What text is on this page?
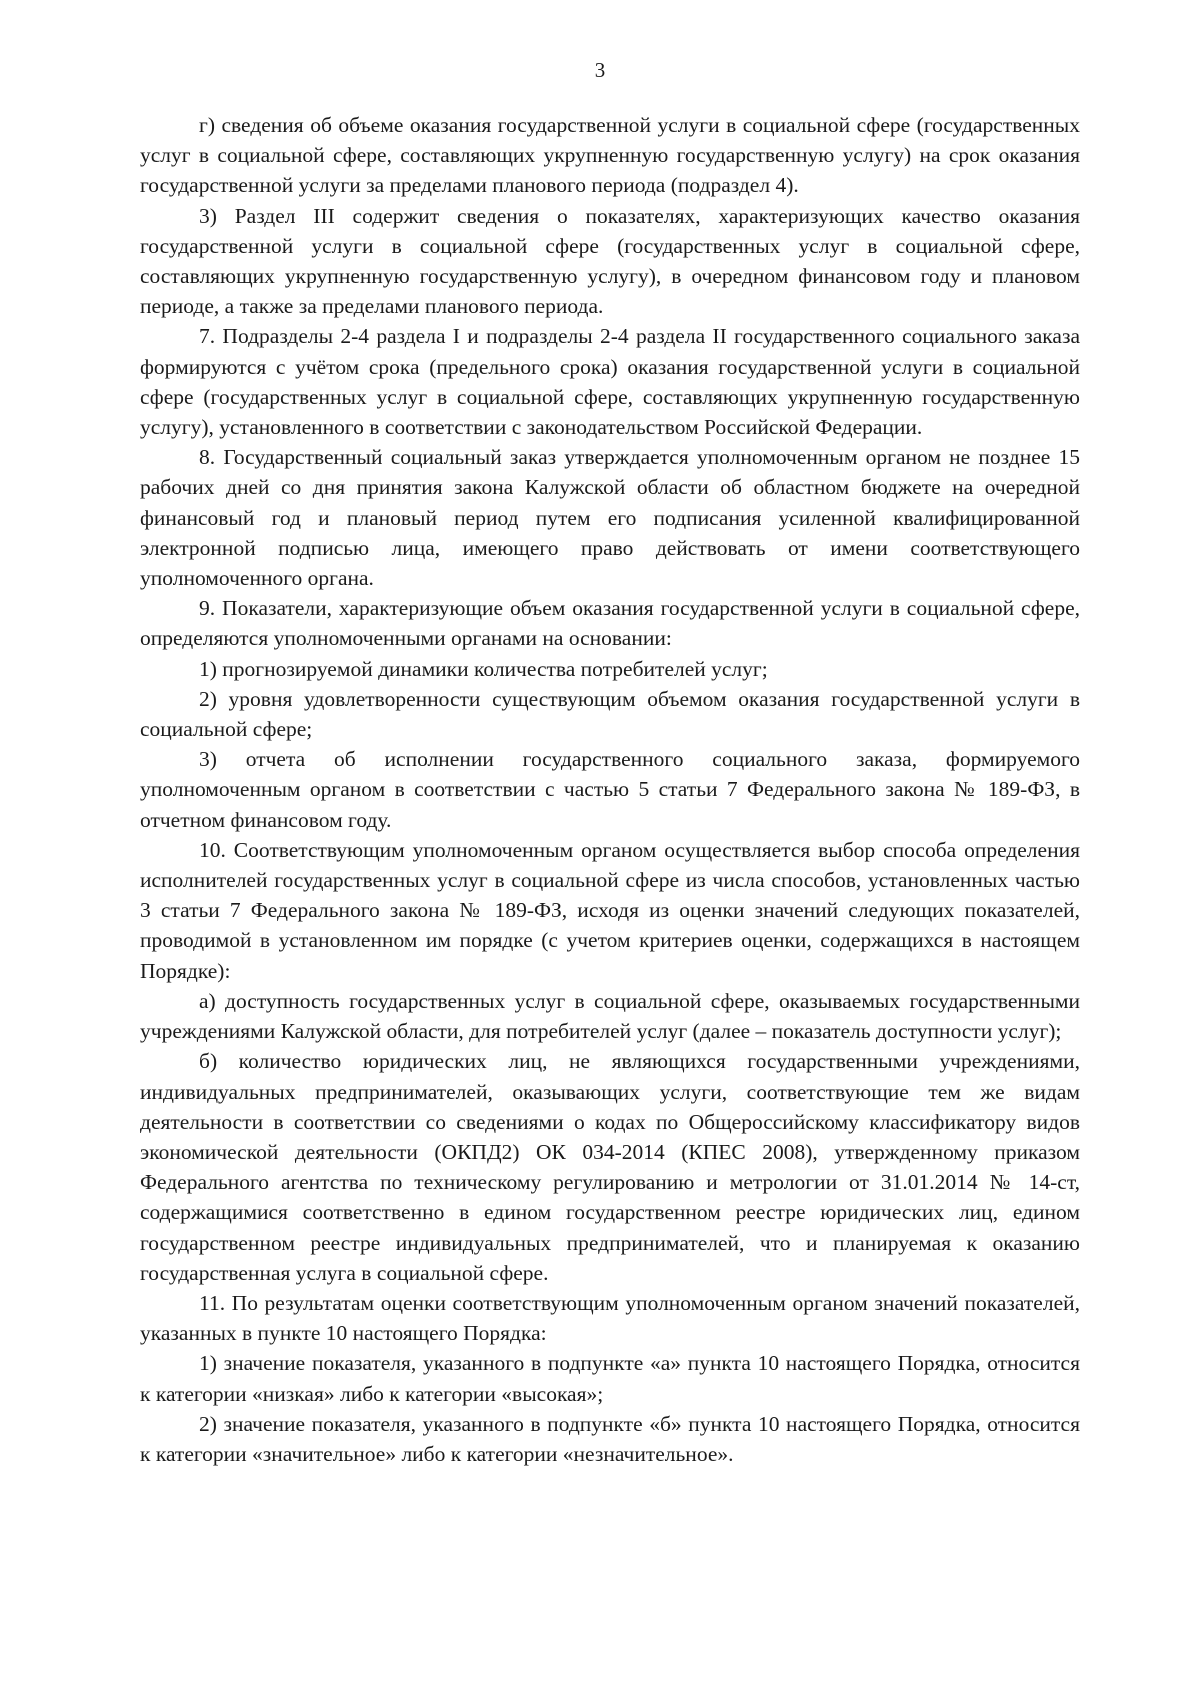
3

г) сведения об объеме оказания государственной услуги в социальной сфере (государственных услуг в социальной сфере, составляющих укрупненную государственную услугу) на срок оказания государственной услуги за пределами планового периода (подраздел 4).

3) Раздел III содержит сведения о показателях, характеризующих качество оказания государственной услуги в социальной сфере (государственных услуг в социальной сфере, составляющих укрупненную государственную услугу), в очередном финансовом году и плановом периоде, а также за пределами планового периода.

7. Подразделы 2-4 раздела I и подразделы 2-4 раздела II государственного социального заказа формируются с учётом срока (предельного срока) оказания государственной услуги в социальной сфере (государственных услуг в социальной сфере, составляющих укрупненную государственную услугу), установленного в соответствии с законодательством Российской Федерации.

8. Государственный социальный заказ утверждается уполномоченным органом не позднее 15 рабочих дней со дня принятия закона Калужской области об областном бюджете на очередной финансовый год и плановый период путем его подписания усиленной квалифицированной электронной подписью лица, имеющего право действовать от имени соответствующего уполномоченного органа.

9. Показатели, характеризующие объем оказания государственной услуги в социальной сфере, определяются уполномоченными органами на основании:

1) прогнозируемой динамики количества потребителей услуг;

2) уровня удовлетворенности существующим объемом оказания государственной услуги в социальной сфере;

3) отчета об исполнении государственного социального заказа, формируемого уполномоченным органом в соответствии с частью 5 статьи 7 Федерального закона № 189-ФЗ, в отчетном финансовом году.

10. Соответствующим уполномоченным органом осуществляется выбор способа определения исполнителей государственных услуг в социальной сфере из числа способов, установленных частью 3 статьи 7 Федерального закона № 189-ФЗ, исходя из оценки значений следующих показателей, проводимой в установленном им порядке (с учетом критериев оценки, содержащихся в настоящем Порядке):

а) доступность государственных услуг в социальной сфере, оказываемых государственными учреждениями Калужской области, для потребителей услуг (далее – показатель доступности услуг);

б) количество юридических лиц, не являющихся государственными учреждениями, индивидуальных предпринимателей, оказывающих услуги, соответствующие тем же видам деятельности в соответствии со сведениями о кодах по Общероссийскому классификатору видов экономической деятельности (ОКПД2) ОК 034-2014 (КПЕС 2008), утвержденному приказом Федерального агентства по техническому регулированию и метрологии от 31.01.2014 № 14-ст, содержащимися соответственно в едином государственном реестре юридических лиц, едином государственном реестре индивидуальных предпринимателей, что и планируемая к оказанию государственная услуга в социальной сфере.

11. По результатам оценки соответствующим уполномоченным органом значений показателей, указанных в пункте 10 настоящего Порядка:

1) значение показателя, указанного в подпункте «а» пункта 10 настоящего Порядка, относится к категории «низкая» либо к категории «высокая»;

2) значение показателя, указанного в подпункте «б» пункта 10 настоящего Порядка, относится к категории «значительное» либо к категории «незначительное».
